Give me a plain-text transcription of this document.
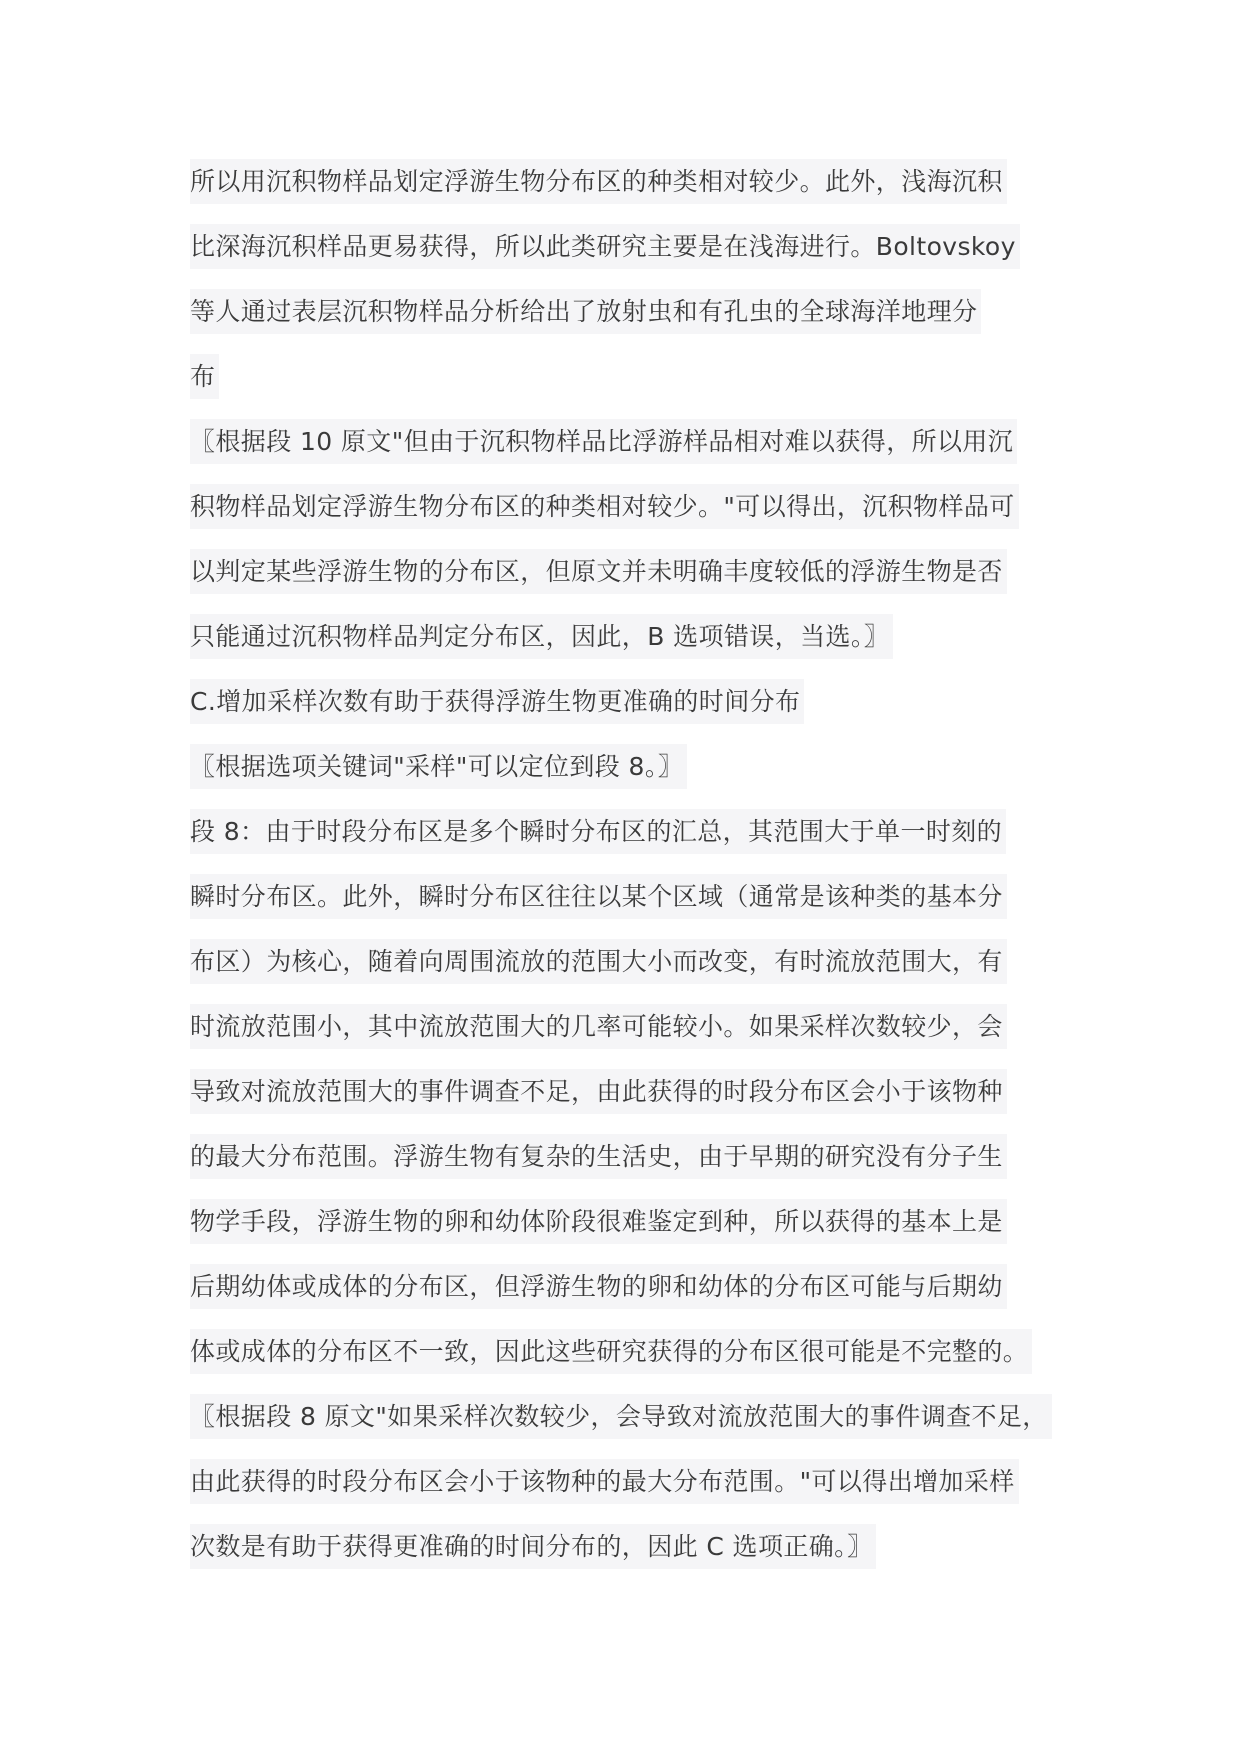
所以用沉积物样品划定浮游生物分布区的种类相对较少。此外，浅海沉积
比深海沉积样品更易获得，所以此类研究主要是在浅海进行。Boltovskoy
等人通过表层沉积物样品分析给出了放射虫和有孔虫的全球海洋地理分
布
〖根据段 10 原文"但由于沉积物样品比浮游样品相对难以获得，所以用沉
积物样品划定浮游生物分布区的种类相对较少。"可以得出，沉积物样品可
以判定某些浮游生物的分布区，但原文并未明确丰度较低的浮游生物是否
只能通过沉积物样品判定分布区，因此，B 选项错误，当选。〗
C.增加采样次数有助于获得浮游生物更准确的时间分布
〖根据选项关键词"采样"可以定位到段 8。〗
段 8：由于时段分布区是多个瞬时分布区的汇总，其范围大于单一时刻的
瞬时分布区。此外，瞬时分布区往往以某个区域（通常是该种类的基本分
布区）为核心，随着向周围流放的范围大小而改变，有时流放范围大，有
时流放范围小，其中流放范围大的几率可能较小。如果采样次数较少，会
导致对流放范围大的事件调查不足，由此获得的时段分布区会小于该物种
的最大分布范围。浮游生物有复杂的生活史，由于早期的研究没有分子生
物学手段，浮游生物的卵和幼体阶段很难鉴定到种，所以获得的基本上是
后期幼体或成体的分布区，但浮游生物的卵和幼体的分布区可能与后期幼
体或成体的分布区不一致，因此这些研究获得的分布区很可能是不完整的。
〖根据段 8 原文"如果采样次数较少，会导致对流放范围大的事件调查不足，
由此获得的时段分布区会小于该物种的最大分布范围。"可以得出增加采样
次数是有助于获得更准确的时间分布的，因此 C 选项正确。〗
